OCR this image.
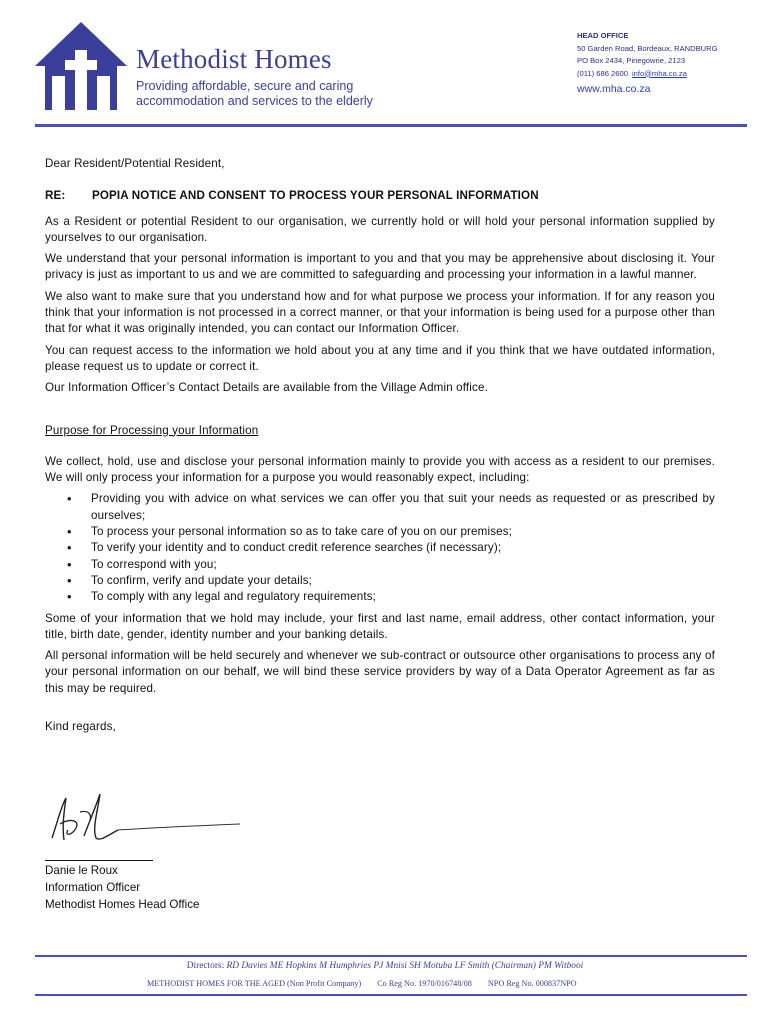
Methodist Homes
Providing affordable, secure and caring
accommodation and services to the elderly
HEAD OFFICE
50 Garden Road, Bordeaux, RANDBURG
PO Box 2434, Pinegowrie, 2123
(011) 686 2600 info@mha.co.za
www.mha.co.za

Dear Resident/Potential Resident,

RE:	POPIA NOTICE AND CONSENT TO PROCESS YOUR PERSONAL INFORMATION

As a Resident or potential Resident to our organisation, we currently hold or will hold your personal information supplied by yourselves to our organisation.

We understand that your personal information is important to you and that you may be apprehensive about disclosing it. Your privacy is just as important to us and we are committed to safeguarding and processing your information in a lawful manner.

We also want to make sure that you understand how and for what purpose we process your information. If for any reason you think that your information is not processed in a correct manner, or that your information is being used for a purpose other than that for what it was originally intended, you can contact our Information Officer.

You can request access to the information we hold about you at any time and if you think that we have outdated information, please request us to update or correct it.

Our Information Officer’s Contact Details are available from the Village Admin office.

Purpose for Processing your Information

We collect, hold, use and disclose your personal information mainly to provide you with access as a resident to our premises. We will only process your information for a purpose you would reasonably expect, including:

• Providing you with advice on what services we can offer you that suit your needs as requested or as prescribed by ourselves;
• To process your personal information so as to take care of you on our premises;
• To verify your identity and to conduct credit reference searches (if necessary);
• To correspond with you;
• To confirm, verify and update your details;
• To comply with any legal and regulatory requirements;

Some of your information that we hold may include, your first and last name, email address, other contact information, your title, birth date, gender, identity number and your banking details.

All personal information will be held securely and whenever we sub-contract or outsource other organisations to process any of your personal information on our behalf, we will bind these service providers by way of a Data Operator Agreement as far as this may be required.

Kind regards,

Danie le Roux
Information Officer
Methodist Homes Head Office
Directors: RD Davies ME Hopkins M Humphries PJ Mnisi SH Motuba LF Smith (Chairman) PM Witbooi
METHODIST HOMES FOR THE AGED (Non Profit Company) Co Reg No. 1970/016748/08 NPO Reg No. 000837NPO
